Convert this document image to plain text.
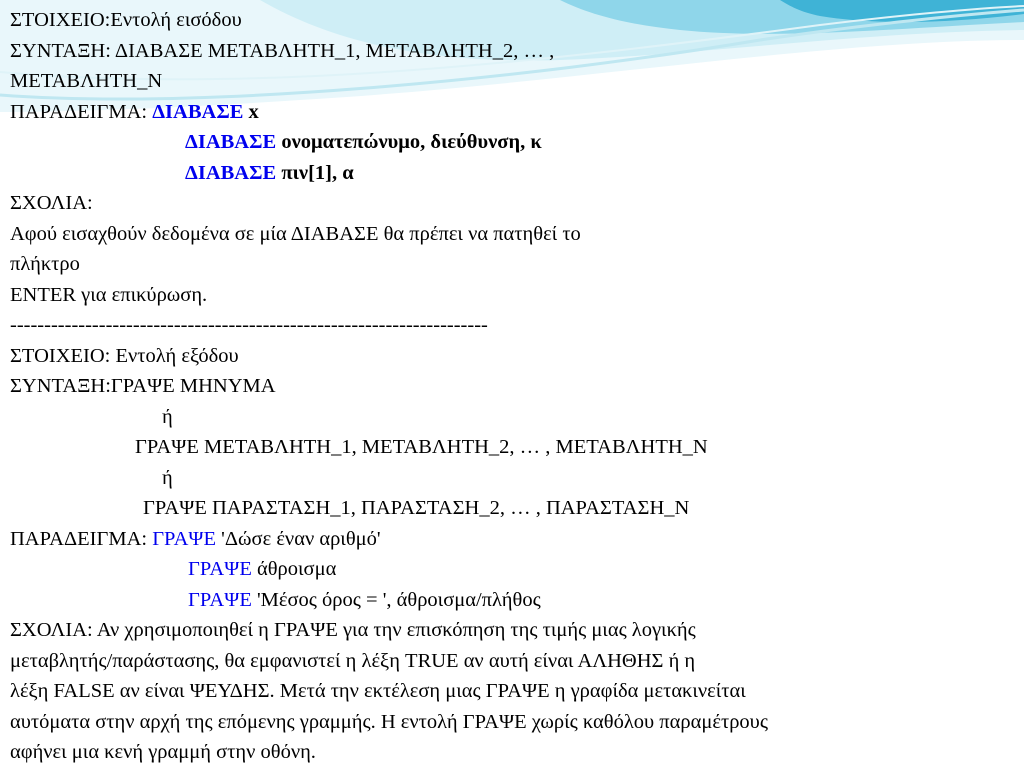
ΣΤΟΙΧΕΙΟ:Εντολή εισόδου
ΣΥΝΤΑΞΗ: ΔΙΑΒΑΣΕ ΜΕΤΑΒΛΗΤΗ_1, ΜΕΤΑΒΛΗΤΗ_2, … ,
ΜΕΤΑΒΛΗΤΗ_Ν
ΠΑΡΑΔΕΙΓΜΑ: ΔΙΑΒΑΣΕ x
ΔΙΑΒΑΣΕ ονοματεπώνυμο, διεύθυνση, κ
ΔΙΑΒΑΣΕ πιν[1], α
ΣΧΟΛΙΑ:
Αφού εισαχθούν δεδομένα σε μία ΔΙΑΒΑΣΕ θα πρέπει να πατηθεί το
πλήκτρο
ENTER για επικύρωση.
----------------------------------------------------------------------
ΣΤΟΙΧΕΙΟ: Εντολή εξόδου
ΣΥΝΤΑΞΗ:ΓΡΑΨΕ ΜΗΝΥΜΑ
ή
ΓΡΑΨΕ ΜΕΤΑΒΛΗΤΗ_1, ΜΕΤΑΒΛΗΤΗ_2, … , ΜΕΤΑΒΛΗΤΗ_Ν
ή
ΓΡΑΨΕ ΠΑΡΑΣΤΑΣΗ_1, ΠΑΡΑΣΤΑΣΗ_2, … , ΠΑΡΑΣΤΑΣΗ_Ν
ΠΑΡΑΔΕΙΓΜΑ: ΓΡΑΨΕ 'Δώσε έναν αριθμό'
ΓΡΑΨΕ άθροισμα
ΓΡΑΨΕ 'Μέσος όρος = ', άθροισμα/πλήθος
ΣΧΟΛΙΑ: Αν χρησιμοποιηθεί η ΓΡΑΨΕ για την επισκόπηση της τιμής μιας λογικής
μεταβλητής/παράστασης, θα εμφανιστεί η λέξη TRUE αν αυτή είναι ΑΛΗΘΗΣ ή η
λέξη FALSE αν είναι ΨΕΥΔΗΣ. Μετά την εκτέλεση μιας ΓΡΑΨΕ η γραφίδα μετακινείται
αυτόματα στην αρχή της επόμενης γραμμής. Η εντολή ΓΡΑΨΕ χωρίς καθόλου παραμέτρους
αφήνει μια κενή γραμμή στην οθόνη.
